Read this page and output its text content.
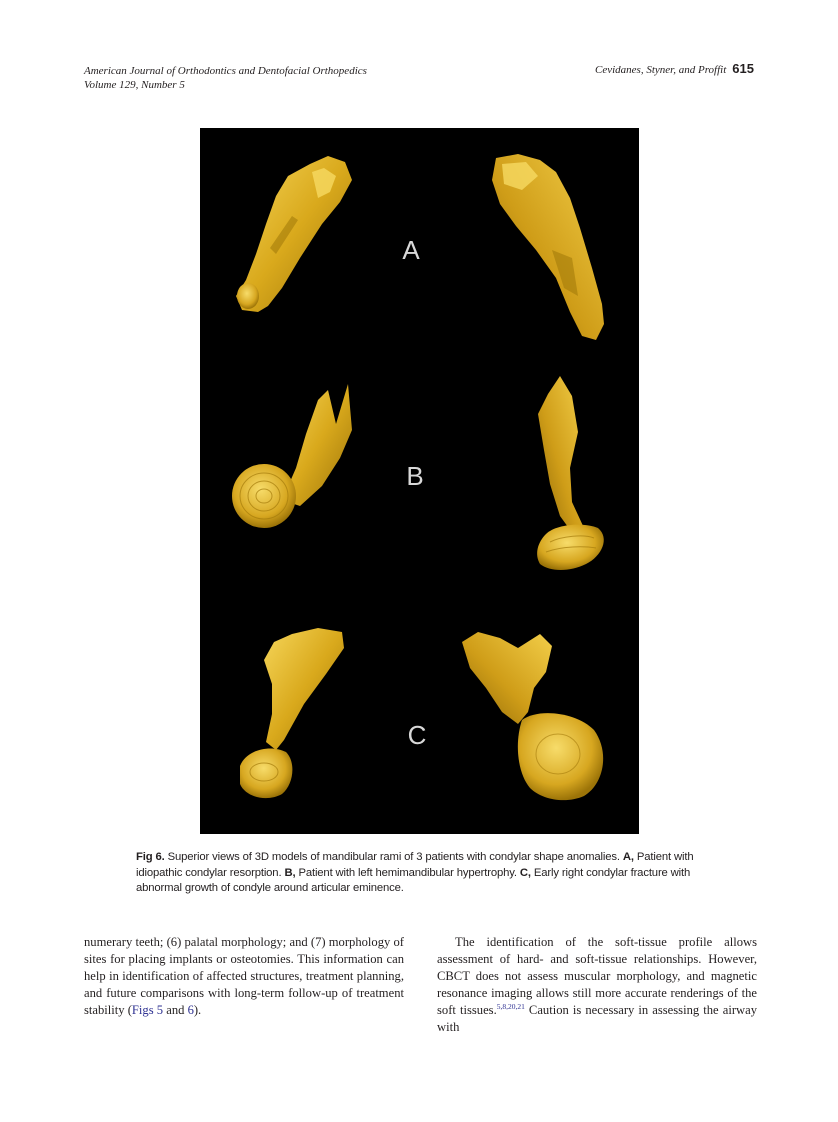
American Journal of Orthodontics and Dentofacial Orthopedics
Volume 129, Number 5
Cevidanes, Styner, and Proffit 615
A
B
C
Fig 6. Superior views of 3D models of mandibular rami of 3 patients with condylar shape anomalies. A, Patient with idiopathic condylar resorption. B, Patient with left hemimandibular hypertrophy. C, Early right condylar fracture with abnormal growth of condyle around articular eminence.

numerary teeth; (6) palatal morphology; and (7) morphology of sites for placing implants or osteotomies. This information can help in identification of affected structures, treatment planning, and future comparisons with long-term follow-up of treatment stability (Figs 5 and 6).

The identification of the soft-tissue profile allows assessment of hard- and soft-tissue relationships. However, CBCT does not assess muscular morphology, and magnetic resonance imaging allows still more accurate renderings of the soft tissues.$^{5,8,20,21}$ Caution is necessary in assessing the airway with
